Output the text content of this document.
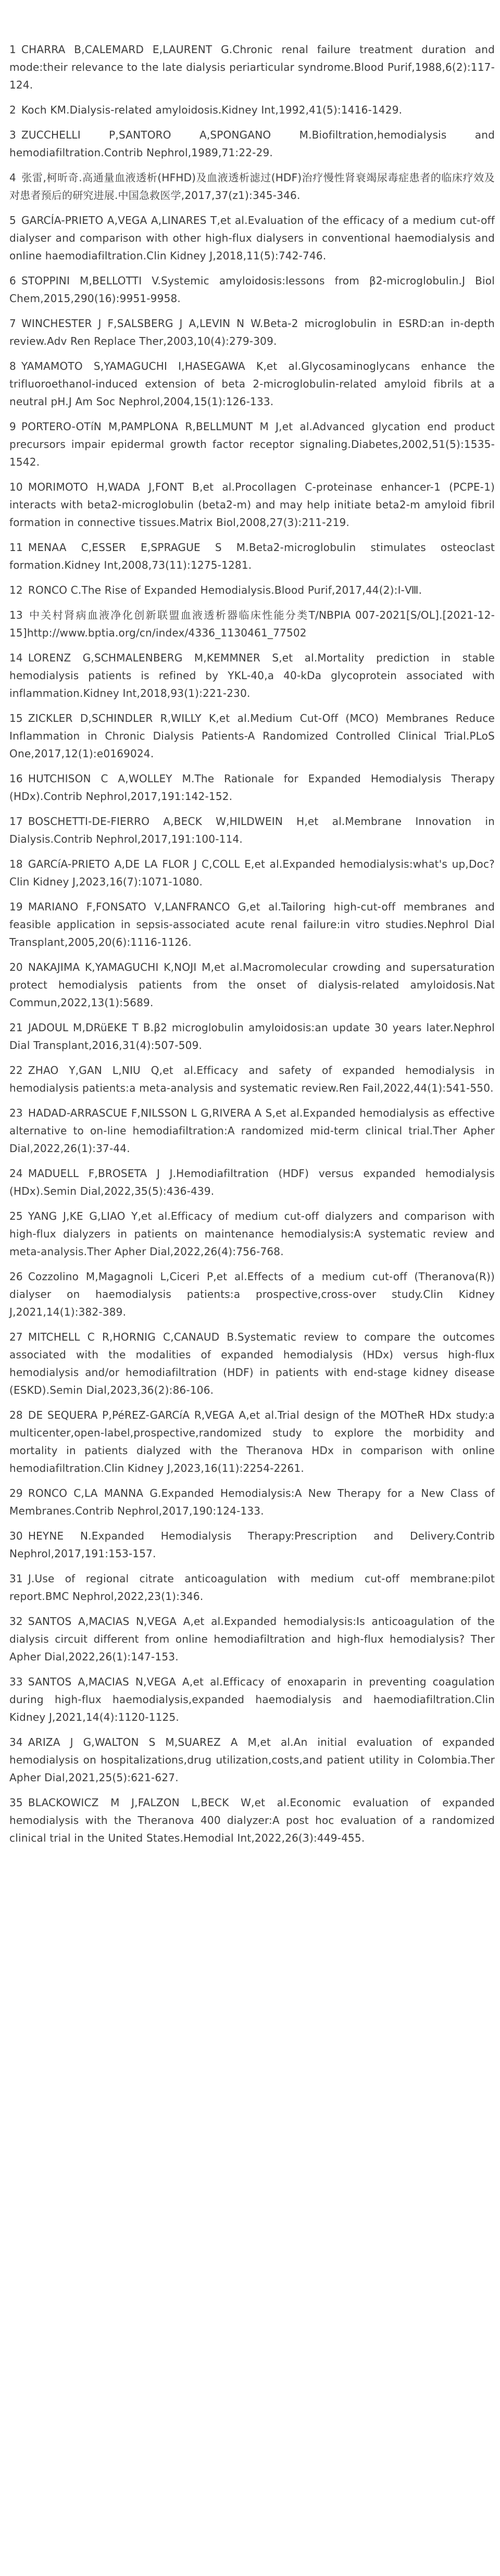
1 CHARRA B,CALEMARD E,LAURENT G.Chronic renal failure treatment duration and mode:their relevance to the late dialysis periarticular syndrome.Blood Purif,1988,6(2):117-124.

2 Koch KM.Dialysis-related amyloidosis.Kidney Int,1992,41(5):1416-1429.

3 ZUCCHELLI P,SANTORO A,SPONGANO M.Biofiltration,hemodialysis and hemodiafiltration.Contrib Nephrol,1989,71:22-29.

4 张雷,柯昕奇.高通量血液透析(HFHD)及血液透析滤过(HDF)治疗慢性肾衰竭尿毒症患者的临床疗效及对患者预后的研究进展.中国急救医学,2017,37(z1):345-346.

5 GARCÍA-PRIETO A,VEGA A,LINARES T,et al.Evaluation of the efficacy of a medium cut-off dialyser and comparison with other high-flux dialysers in conventional haemodialysis and online haemodiafiltration.Clin Kidney J,2018,11(5):742-746.

6 STOPPINI M,BELLOTTI V.Systemic amyloidosis:lessons from β2-microglobulin.J Biol Chem,2015,290(16):9951-9958.

7 WINCHESTER J F,SALSBERG J A,LEVIN N W.Beta-2 microglobulin in ESRD:an in-depth review.Adv Ren Replace Ther,2003,10(4):279-309.

8 YAMAMOTO S,YAMAGUCHI I,HASEGAWA K,et al.Glycosaminoglycans enhance the trifluoroethanol-induced extension of beta 2-microglobulin-related amyloid fibrils at a neutral pH.J Am Soc Nephrol,2004,15(1):126-133.

9 PORTERO-OTíN M,PAMPLONA R,BELLMUNT M J,et al.Advanced glycation end product precursors impair epidermal growth factor receptor signaling.Diabetes,2002,51(5):1535-1542.

10 MORIMOTO H,WADA J,FONT B,et al.Procollagen C-proteinase enhancer-1 (PCPE-1) interacts with beta2-microglobulin (beta2-m) and may help initiate beta2-m amyloid fibril formation in connective tissues.Matrix Biol,2008,27(3):211-219.

11 MENAA C,ESSER E,SPRAGUE S M.Beta2-microglobulin stimulates osteoclast formation.Kidney Int,2008,73(11):1275-1281.

12 RONCO C.The Rise of Expanded Hemodialysis.Blood Purif,2017,44(2):Ⅰ-Ⅷ.

13 中关村肾病血液净化创新联盟血液透析器临床性能分类T/NBPIA 007-2021[S/OL].[2021-12-15]http://www.bptia.org/cn/index/4336_1130461_77502

14 LORENZ G,SCHMALENBERG M,KEMMNER S,et al.Mortality prediction in stable hemodialysis patients is refined by YKL-40,a 40-kDa glycoprotein associated with inflammation.Kidney Int,2018,93(1):221-230.

15 ZICKLER D,SCHINDLER R,WILLY K,et al.Medium Cut-Off (MCO) Membranes Reduce Inflammation in Chronic Dialysis Patients-A Randomized Controlled Clinical Trial.PLoS One,2017,12(1):e0169024.

16 HUTCHISON C A,WOLLEY M.The Rationale for Expanded Hemodialysis Therapy (HDx).Contrib Nephrol,2017,191:142-152.

17 BOSCHETTI-DE-FIERRO A,BECK W,HILDWEIN H,et al.Membrane Innovation in Dialysis.Contrib Nephrol,2017,191:100-114.

18 GARCíA-PRIETO A,DE LA FLOR J C,COLL E,et al.Expanded hemodialysis:what's up,Doc? Clin Kidney J,2023,16(7):1071-1080.

19 MARIANO F,FONSATO V,LANFRANCO G,et al.Tailoring high-cut-off membranes and feasible application in sepsis-associated acute renal failure:in vitro studies.Nephrol Dial Transplant,2005,20(6):1116-1126.

20 NAKAJIMA K,YAMAGUCHI K,NOJI M,et al.Macromolecular crowding and supersaturation protect hemodialysis patients from the onset of dialysis-related amyloidosis.Nat Commun,2022,13(1):5689.

21 JADOUL M,DRüEKE T B.β2 microglobulin amyloidosis:an update 30 years later.Nephrol Dial Transplant,2016,31(4):507-509.

22 ZHAO Y,GAN L,NIU Q,et al.Efficacy and safety of expanded hemodialysis in hemodialysis patients:a meta-analysis and systematic review.Ren Fail,2022,44(1):541-550.

23 HADAD-ARRASCUE F,NILSSON L G,RIVERA A S,et al.Expanded hemodialysis as effective alternative to on-line hemodiafiltration:A randomized mid-term clinical trial.Ther Apher Dial,2022,26(1):37-44.

24 MADUELL F,BROSETA J J.Hemodiafiltration (HDF) versus expanded hemodialysis (HDx).Semin Dial,2022,35(5):436-439.

25 YANG J,KE G,LIAO Y,et al.Efficacy of medium cut-off dialyzers and comparison with high-flux dialyzers in patients on maintenance hemodialysis:A systematic review and meta-analysis.Ther Apher Dial,2022,26(4):756-768.

26 Cozzolino M,Magagnoli L,Ciceri P,et al.Effects of a medium cut-off (Theranova(R)) dialyser on haemodialysis patients:a prospective,cross-over study.Clin Kidney J,2021,14(1):382-389.

27 MITCHELL C R,HORNIG C,CANAUD B.Systematic review to compare the outcomes associated with the modalities of expanded hemodialysis (HDx) versus high-flux hemodialysis and/or hemodiafiltration (HDF) in patients with end-stage kidney disease (ESKD).Semin Dial,2023,36(2):86-106.

28 DE SEQUERA P,PéREZ-GARCíA R,VEGA A,et al.Trial design of the MOTheR HDx study:a multicenter,open-label,prospective,randomized study to explore the morbidity and mortality in patients dialyzed with the Theranova HDx in comparison with online hemodiafiltration.Clin Kidney J,2023,16(11):2254-2261.

29 RONCO C,LA MANNA G.Expanded Hemodialysis:A New Therapy for a New Class of Membranes.Contrib Nephrol,2017,190:124-133.

30 HEYNE N.Expanded Hemodialysis Therapy:Prescription and Delivery.Contrib Nephrol,2017,191:153-157.

31 J.Use of regional citrate anticoagulation with medium cut-off membrane:pilot report.BMC Nephrol,2022,23(1):346.

32 SANTOS A,MACIAS N,VEGA A,et al.Expanded hemodialysis:Is anticoagulation of the dialysis circuit different from online hemodiafiltration and high-flux hemodialysis? Ther Apher Dial,2022,26(1):147-153.

33 SANTOS A,MACIAS N,VEGA A,et al.Efficacy of enoxaparin in preventing coagulation during high-flux haemodialysis,expanded haemodialysis and haemodiafiltration.Clin Kidney J,2021,14(4):1120-1125.

34 ARIZA J G,WALTON S M,SUAREZ A M,et al.An initial evaluation of expanded hemodialysis on hospitalizations,drug utilization,costs,and patient utility in Colombia.Ther Apher Dial,2021,25(5):621-627.

35 BLACKOWICZ M J,FALZON L,BECK W,et al.Economic evaluation of expanded hemodialysis with the Theranova 400 dialyzer:A post hoc evaluation of a randomized clinical trial in the United States.Hemodial Int,2022,26(3):449-455.
